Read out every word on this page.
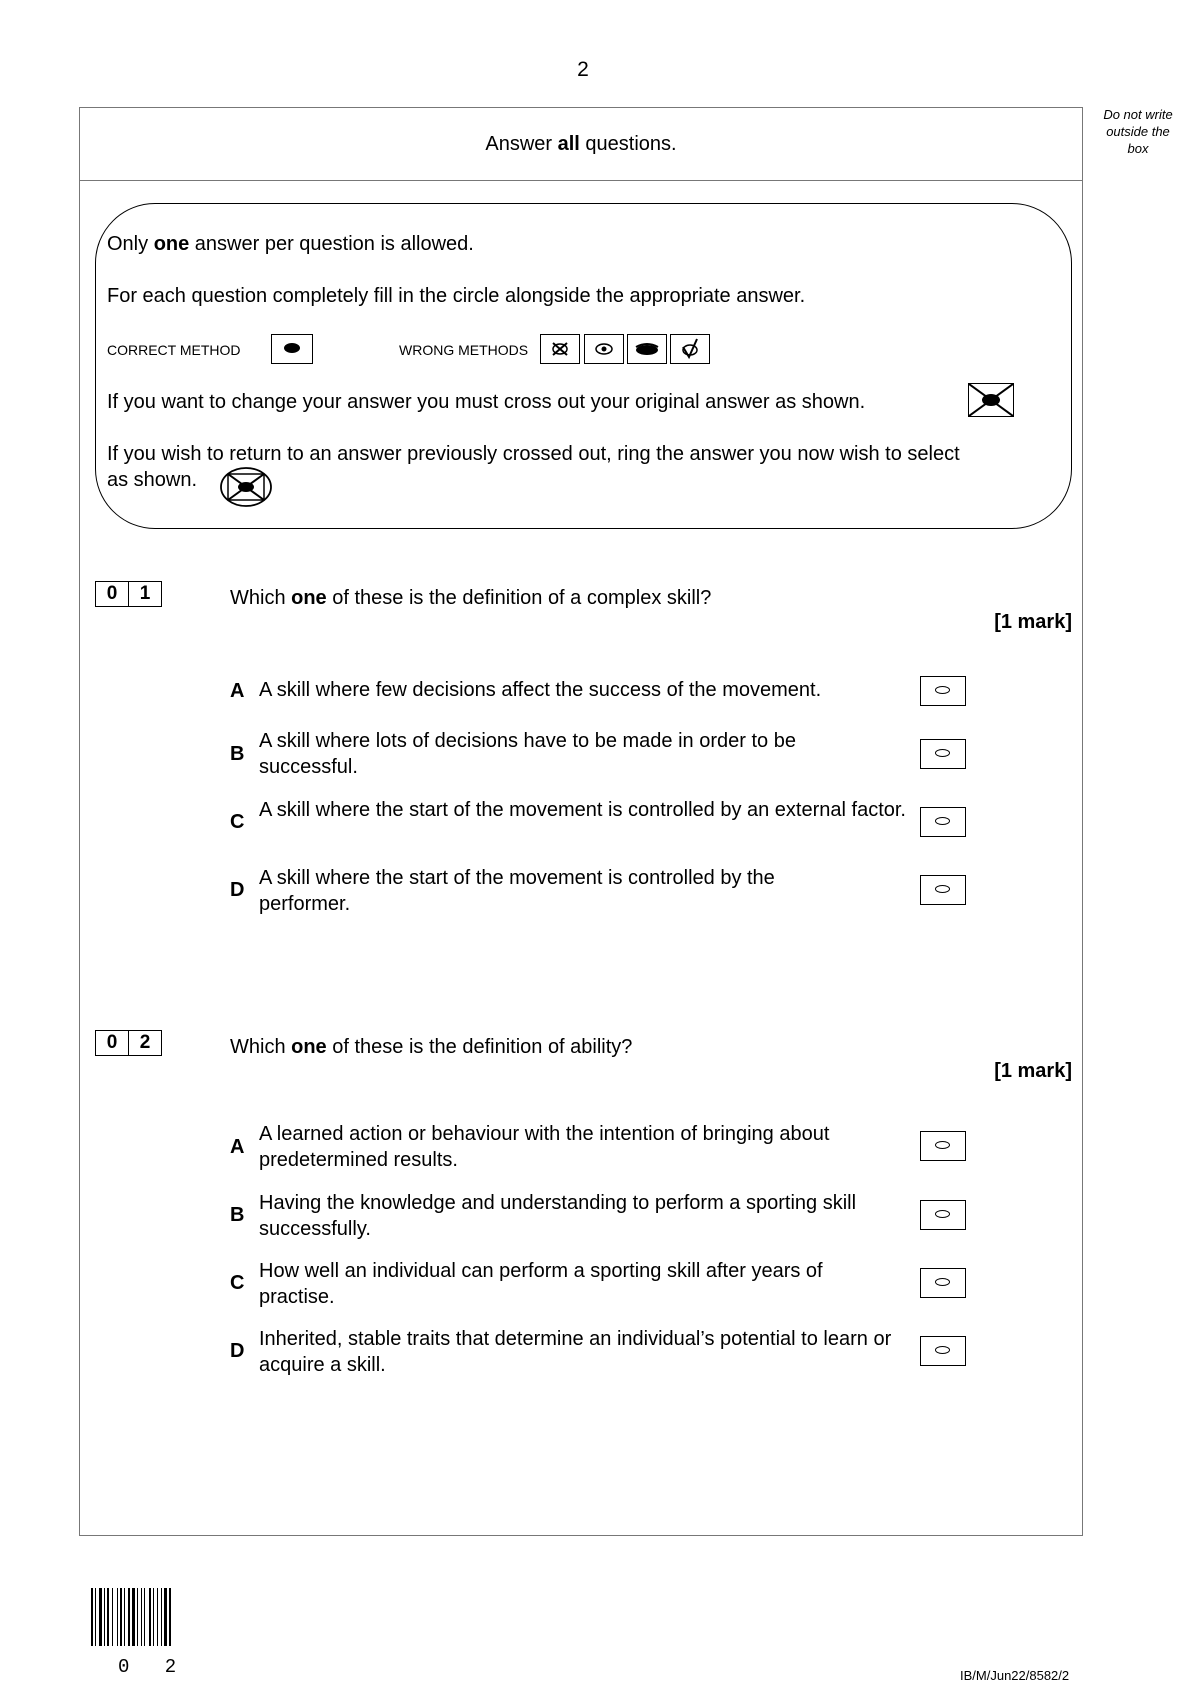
2
Do not write
outside the
box
Answer all questions.
Only one answer per question is allowed.
For each question completely fill in the circle alongside the appropriate answer.
CORRECT METHOD	WRONG METHODS
If you want to change your answer you must cross out your original answer as shown.
If you wish to return to an answer previously crossed out, ring the answer you now wish to select
as shown.
0	1	Which one of these is the definition of a complex skill?
[1 mark]
A A skill where few decisions affect the success of the movement.
B
A skill where lots of decisions have to be made in order to be successful.
C
A skill where the start of the movement is controlled by an external factor.
D
A skill where the start of the movement is controlled by the performer.
0	2	Which one of these is the definition of ability?
[1 mark]
A
A learned action or behaviour with the intention of bringing about predetermined results.
B
Having the knowledge and understanding to perform a sporting skill successfully.
C
How well an individual can perform a sporting skill after years of practise.
D
Inherited, stable traits that determine an individual’s potential to learn or acquire a skill.
0 2	IB/M/Jun22/8582/2
